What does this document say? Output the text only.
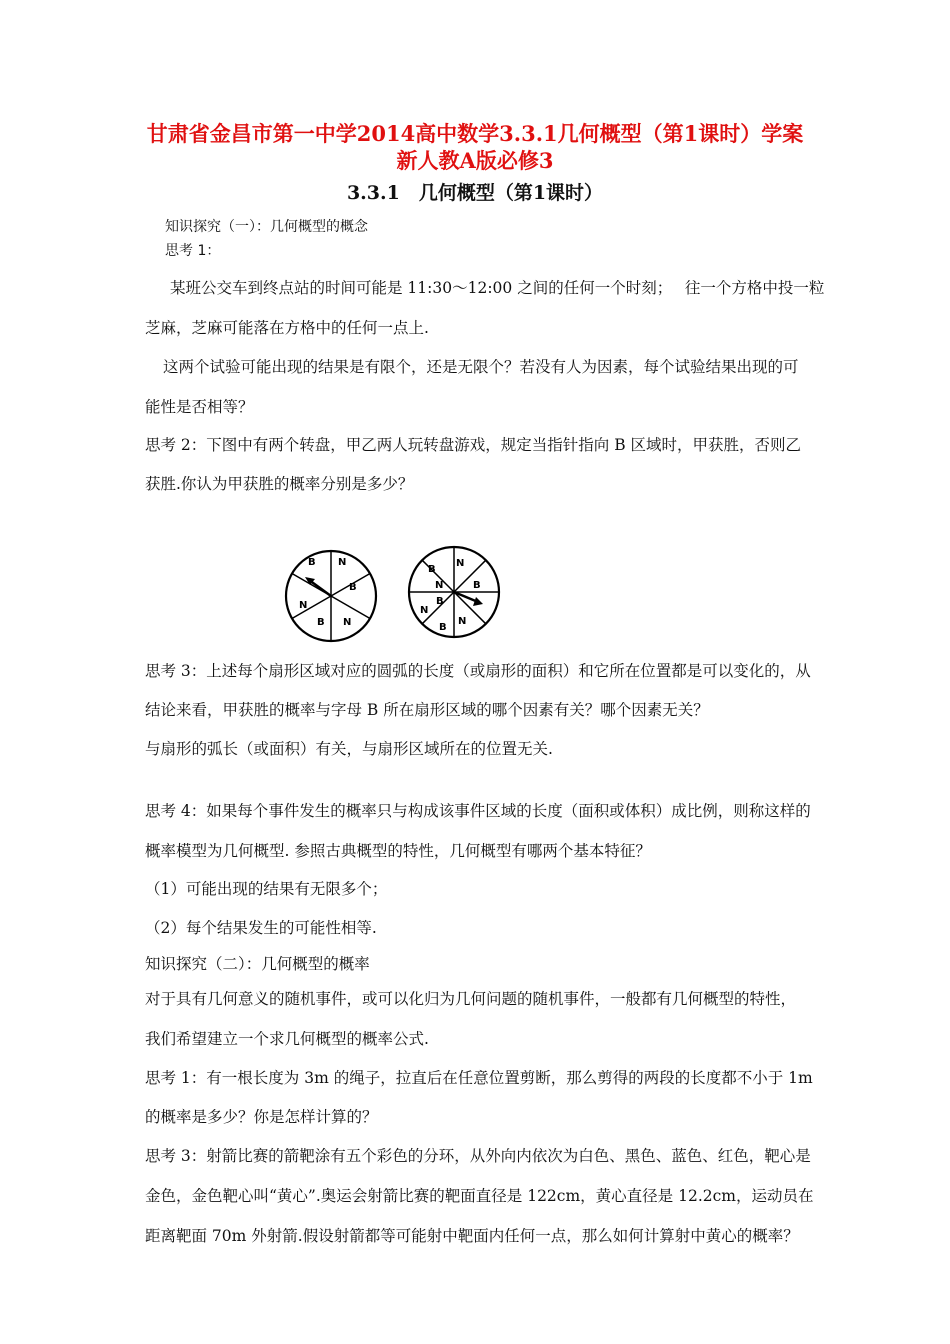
甘肃省金昌市第一中学2014高中数学3.3.1几何概型（第1课时）学案
新人教A版必修3
3.3.1　几何概型（第1课时）
知识探究（一）：几何概型的概念
思考 1：
某班公交车到终点站的时间可能是 11:30～12:00 之间的任何一个时刻；　 往一个方格中投一粒
芝麻，芝麻可能落在方格中的任何一点上.
这两个试验可能出现的结果是有限个，还是无限个？若没有人为因素，每个试验结果出现的可
能性是否相等？
思考 2：下图中有两个转盘，甲乙两人玩转盘游戏，规定当指针指向 B 区域时，甲获胜，否则乙
获胜.你认为甲获胜的概率分别是多少？
B N
B
N
B
N
B
N
B
N
B
N
B
N
思考 3：上述每个扇形区域对应的圆弧的长度（或扇形的面积）和它所在位置都是可以变化的，从
结论来看，甲获胜的概率与字母 B 所在扇形区域的哪个因素有关？哪个因素无关？
与扇形的弧长（或面积）有关，与扇形区域所在的位置无关.
思考 4：如果每个事件发生的概率只与构成该事件区域的长度（面积或体积）成比例，则称这样的
概率模型为几何概型. 参照古典概型的特性，几何概型有哪两个基本特征？
（1）可能出现的结果有无限多个；
（2）每个结果发生的可能性相等.
知识探究（二）：几何概型的概率
对于具有几何意义的随机事件，或可以化归为几何问题的随机事件，一般都有几何概型的特性，
我们希望建立一个求几何概型的概率公式.
思考 1：有一根长度为 3m 的绳子，拉直后在任意位置剪断，那么剪得的两段的长度都不小于 1m
的概率是多少？你是怎样计算的？
思考 3：射箭比赛的箭靶涂有五个彩色的分环，从外向内依次为白色、黑色、蓝色、红色，靶心是
金色，金色靶心叫“黄心”.奥运会射箭比赛的靶面直径是 122cm，黄心直径是 12.2cm，运动员在
距离靶面 70m 外射箭.假设射箭都等可能射中靶面内任何一点，那么如何计算射中黄心的概率？
